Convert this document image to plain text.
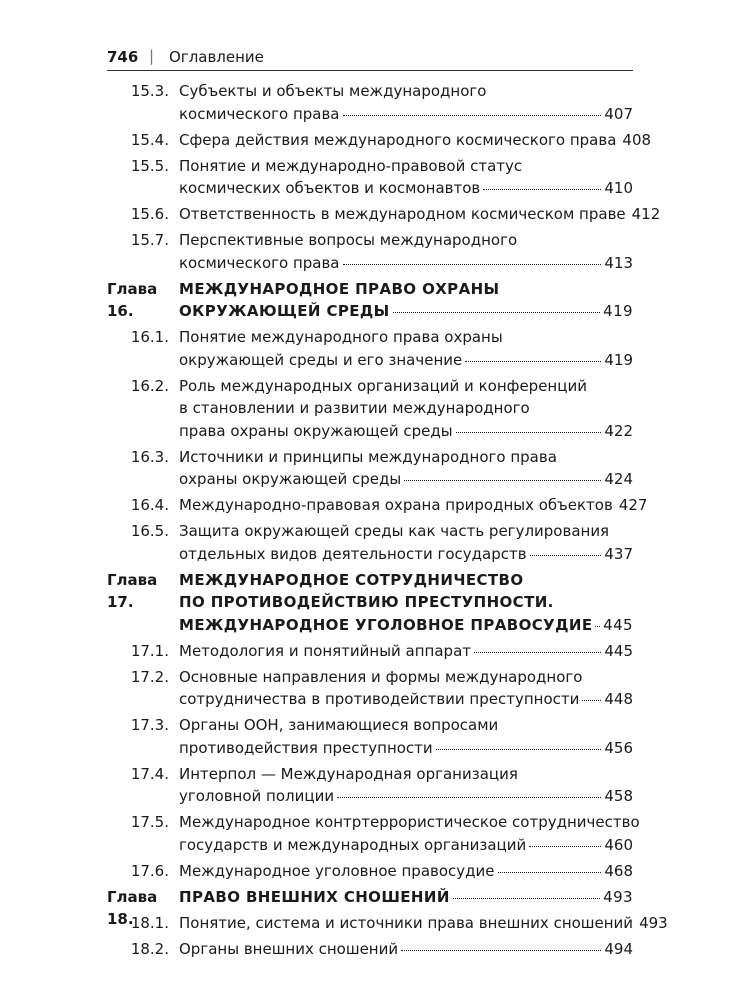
746 | Оглавление
15.3. Субъекты и объекты международного
космического права	407
15.4. Сфера действия международного космического права 408
15.5. Понятие и международно-правовой статус
космических объектов и космонавтов	410
15.6. Ответственность в международном космическом праве 412
15.7. Перспективные вопросы международного
космического права	413
Глава 16.
МЕЖДУНАРОДНОЕ ПРАВО ОХРАНЫ
ОКРУЖАЮЩЕЙ СРЕДЫ	419
16.1. Понятие международного права охраны
окружающей среды и его значение	419
16.2. Роль международных организаций и конференций
в становлении и развитии международного
права охраны окружающей среды	422
16.3. Источники и принципы международного права
охраны окружающей среды	424
16.4. Международно-правовая охрана природных объектов 427
16.5. Защита окружающей среды как часть регулирования
отдельных видов деятельности государств	437
Глава 17.
МЕЖДУНАРОДНОЕ СОТРУДНИЧЕСТВО
ПО ПРОТИВОДЕЙСТВИЮ ПРЕСТУПНОСТИ.
МЕЖДУНАРОДНОЕ УГОЛОВНОЕ ПРАВОСУДИЕ 445
17.1. Методология и понятийный аппарат	445
17.2. Основные направления и формы международного
сотрудничества в противодействии преступности 448
17.3. Органы ООН, занимающиеся вопросами
противодействия преступности	456
17.4. Интерпол — Международная организация
уголовной полиции	458
17.5. Международное контртеррористическое сотрудничество
государств и международных организаций	460
17.6. Международное уголовное правосудие	468
Глава 18.
ПРАВО ВНЕШНИХ СНОШЕНИЙ	493
18.1. Понятие, система и источники права внешних сношений 493
18.2. Органы внешних сношений	494
